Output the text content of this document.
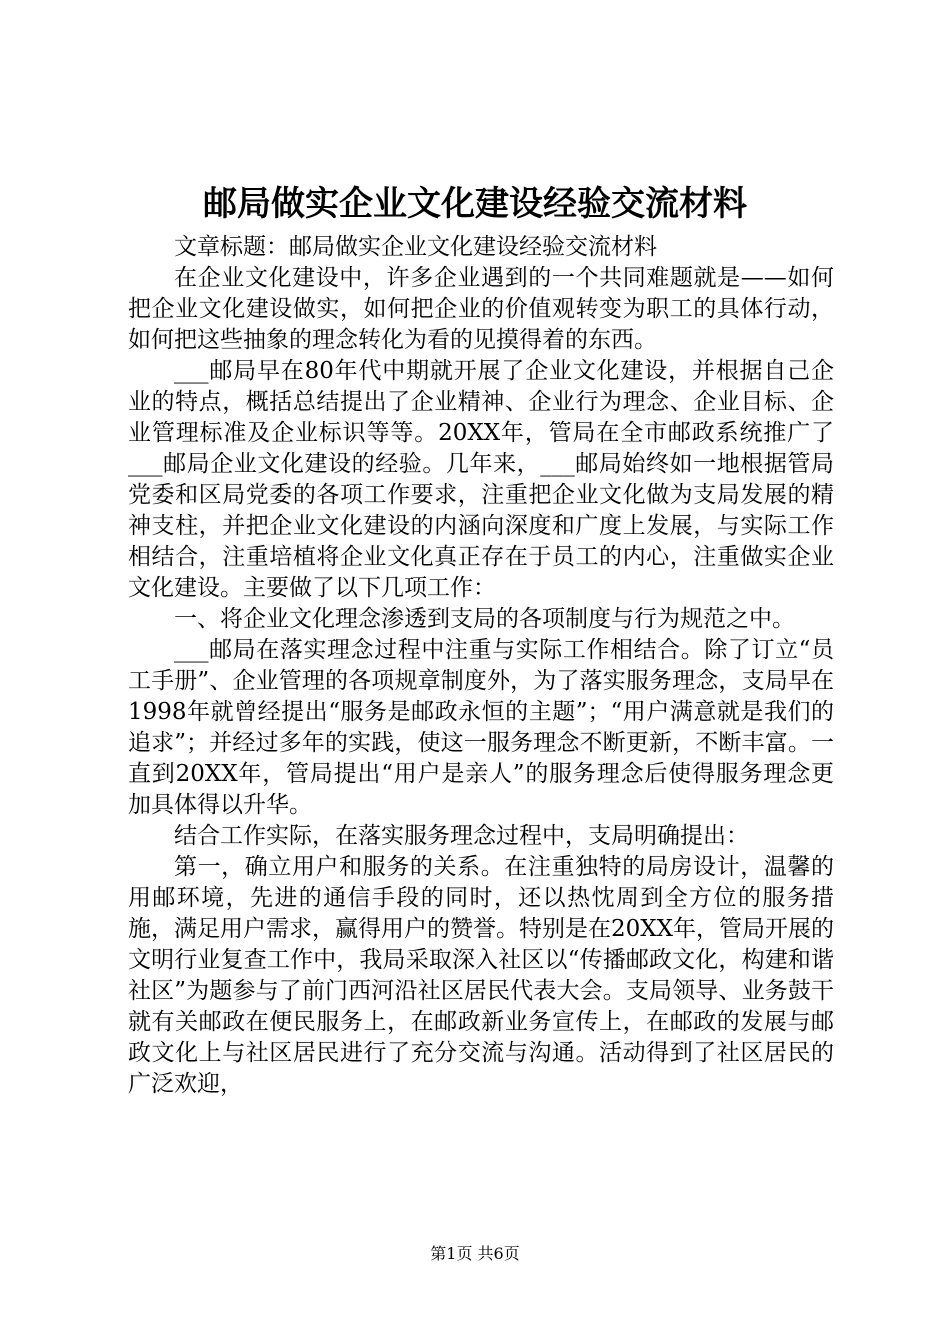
邮局做实企业文化建设经验交流材料

文章标题：邮局做实企业文化建设经验交流材料

在企业文化建设中，许多企业遇到的一个共同难题就是——如何把企业文化建设做实，如何把企业的价值观转变为职工的具体行动，如何把这些抽象的理念转化为看的见摸得着的东西。

___邮局早在80年代中期就开展了企业文化建设，并根据自己企业的特点，概括总结提出了企业精神、企业行为理念、企业目标、企业管理标准及企业标识等等。20XX年，管局在全市邮政系统推广了___邮局企业文化建设的经验。几年来，___邮局始终如一地根据管局党委和区局党委的各项工作要求，注重把企业文化做为支局发展的精神支柱，并把企业文化建设的内涵向深度和广度上发展，与实际工作相结合，注重培植将企业文化真正存在于员工的内心，注重做实企业文化建设。主要做了以下几项工作：

一、将企业文化理念渗透到支局的各项制度与行为规范之中。

___邮局在落实理念过程中注重与实际工作相结合。除了订立“员工手册”、企业管理的各项规章制度外，为了落实服务理念，支局早在1998年就曾经提出“服务是邮政永恒的主题”；“用户满意就是我们的追求”；并经过多年的实践，使这一服务理念不断更新，不断丰富。一直到20XX年，管局提出“用户是亲人”的服务理念后使得服务理念更加具体得以升华。

结合工作实际，在落实服务理念过程中，支局明确提出：

第一，确立用户和服务的关系。在注重独特的局房设计，温馨的用邮环境，先进的通信手段的同时，还以热忱周到全方位的服务措施，满足用户需求，赢得用户的赞誉。特别是在20XX年，管局开展的文明行业复查工作中，我局采取深入社区以“传播邮政文化，构建和谐社区”为题参与了前门西河沿社区居民代表大会。支局领导、业务鼓干就有关邮政在便民服务上，在邮政新业务宣传上，在邮政的发展与邮政文化上与社区居民进行了充分交流与沟通。活动得到了社区居民的广泛欢迎，

第1页 共6页
